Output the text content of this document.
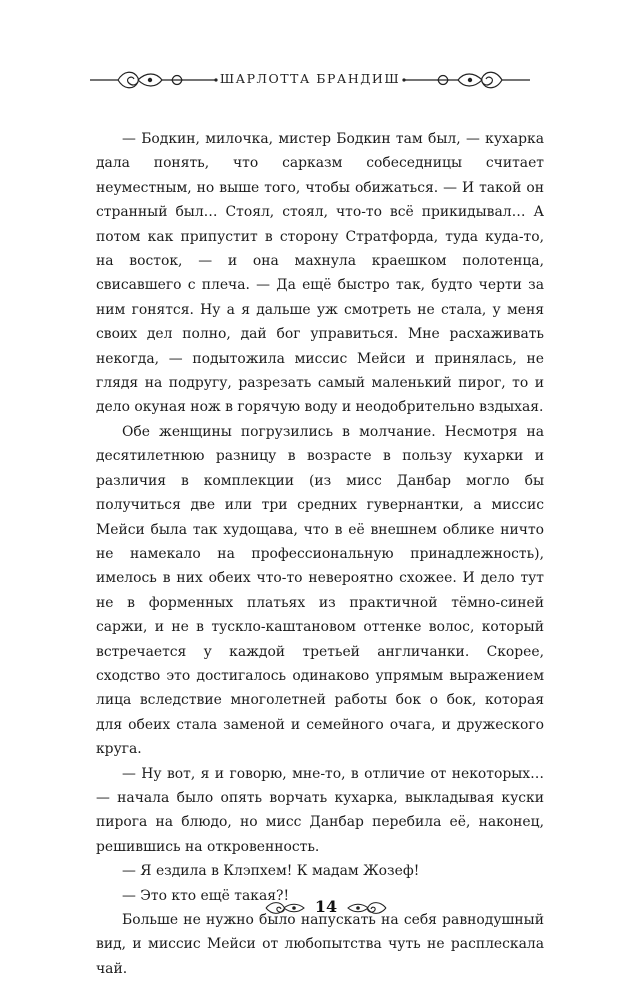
ШАРЛОТТА БРАНДИШ

— Бодкин, милочка, мистер Бодкин там был, — кухарка дала понять, что сарказм собеседницы считает неуместным, но выше того, чтобы обижаться. — И такой он странный был… Стоял, стоял, что-то всё прикидывал… А потом как припустит в сторону Стратфорда, туда куда-то, на восток, — и она махнула краешком полотенца, свисавшего с плеча. — Да ещё быстро так, будто черти за ним гонятся. Ну а я дальше уж смотреть не стала, у меня своих дел полно, дай бог управиться. Мне расхаживать некогда, — подытожила миссис Мейси и принялась, не глядя на подругу, разрезать самый маленький пирог, то и дело окуная нож в горячую воду и неодобрительно вздыхая.

Обе женщины погрузились в молчание. Несмотря на десятилетнюю разницу в возрасте в пользу кухарки и различия в комплекции (из мисс Данбар могло бы получиться две или три средних гувернантки, а миссис Мейси была так худощава, что в её внешнем облике ничто не намекало на профессиональную принадлежность), имелось в них обеих что-то невероятно схожее. И дело тут не в форменных платьях из практичной тёмно-синей саржи, и не в тускло-каштановом оттенке волос, который встречается у каждой третьей англичанки. Скорее, сходство это достигалось одинаково упрямым выражением лица вследствие многолетней работы бок о бок, которая для обеих стала заменой и семейного очага, и дружеского круга.

— Ну вот, я и говорю, мне-то, в отличие от некоторых… — начала было опять ворчать кухарка, выкладывая куски пирога на блюдо, но мисс Данбар перебила её, наконец, решившись на откровенность.

— Я ездила в Клэпхем! К мадам Жозеф!

— Это кто ещё такая?!

Больше не нужно было напускать на себя равнодушный вид, и миссис Мейси от любопытства чуть не расплескала чай.

14
